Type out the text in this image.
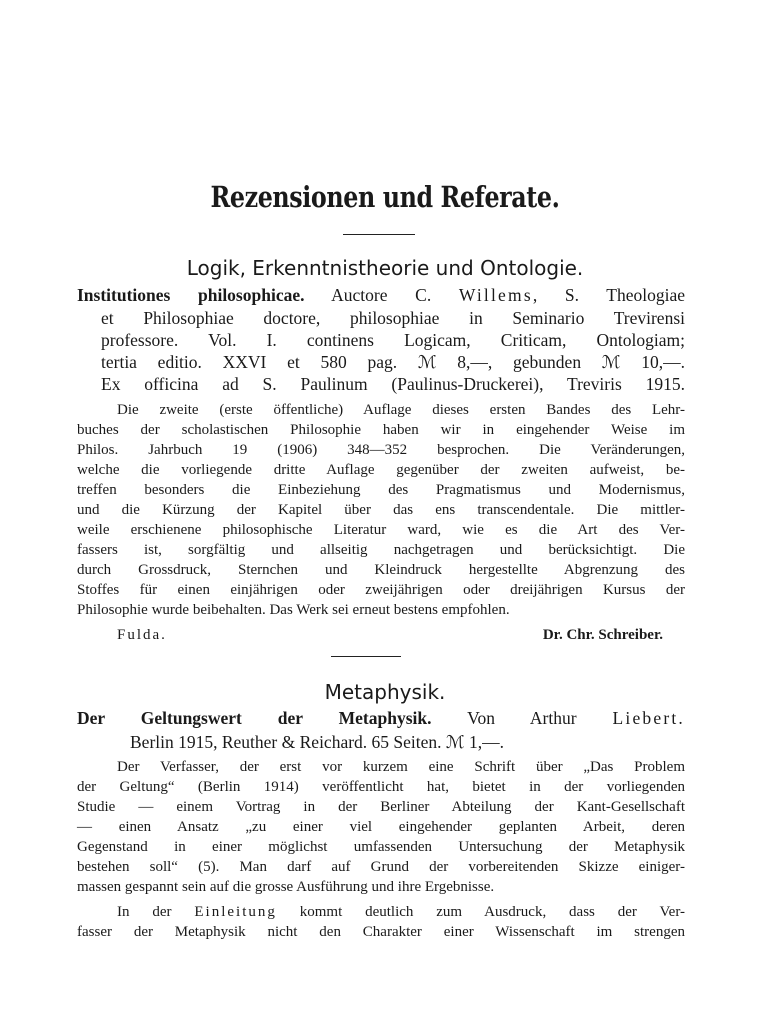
Rezensionen und Referate.
Logik, Erkenntnistheorie und Ontologie.
Institutiones philosophicae. Auctore C. Willems, S. Theologiae
et Philosophiae doctore, philosophiae in Seminario Trevirensi
professore. Vol. I. continens Logicam, Criticam, Ontologiam;
tertia editio. XXVI et 580 pag. ℳ 8,—, gebunden ℳ 10,—.
Ex officina ad S. Paulinum (Paulinus-Druckerei), Treviris 1915.
Die zweite (erste öffentliche) Auflage dieses ersten Bandes des Lehr-
buches der scholastischen Philosophie haben wir in eingehender Weise im
Philos. Jahrbuch 19 (1906) 348—352 besprochen. Die Veränderungen,
welche die vorliegende dritte Auflage gegenüber der zweiten aufweist, be-
treffen besonders die Einbeziehung des Pragmatismus und Modernismus,
und die Kürzung der Kapitel über das ens transcendentale. Die mittler-
weile erschienene philosophische Literatur ward, wie es die Art des Ver-
fassers ist, sorgfältig und allseitig nachgetragen und berücksichtigt. Die
durch Grossdruck, Sternchen und Kleindruck hergestellte Abgrenzung des
Stoffes für einen einjährigen oder zweijährigen oder dreijährigen Kursus der
Philosophie wurde beibehalten. Das Werk sei erneut bestens empfohlen.
Fulda.	Dr. Chr. Schreiber.
Metaphysik.
Der Geltungswert der Metaphysik. Von Arthur Liebert.
Berlin 1915, Reuther & Reichard. 65 Seiten. ℳ 1,—.
Der Verfasser, der erst vor kurzem eine Schrift über „Das Problem
der Geltung“ (Berlin 1914) veröffentlicht hat, bietet in der vorliegenden
Studie — einem Vortrag in der Berliner Abteilung der Kant-Gesellschaft
— einen Ansatz „zu einer viel eingehender geplanten Arbeit, deren
Gegenstand in einer möglichst umfassenden Untersuchung der Metaphysik
bestehen soll“ (5). Man darf auf Grund der vorbereitenden Skizze einiger-
massen gespannt sein auf die grosse Ausführung und ihre Ergebnisse.
In der Einleitung kommt deutlich zum Ausdruck, dass der Ver-
fasser der Metaphysik nicht den Charakter einer Wissenschaft im strengen
